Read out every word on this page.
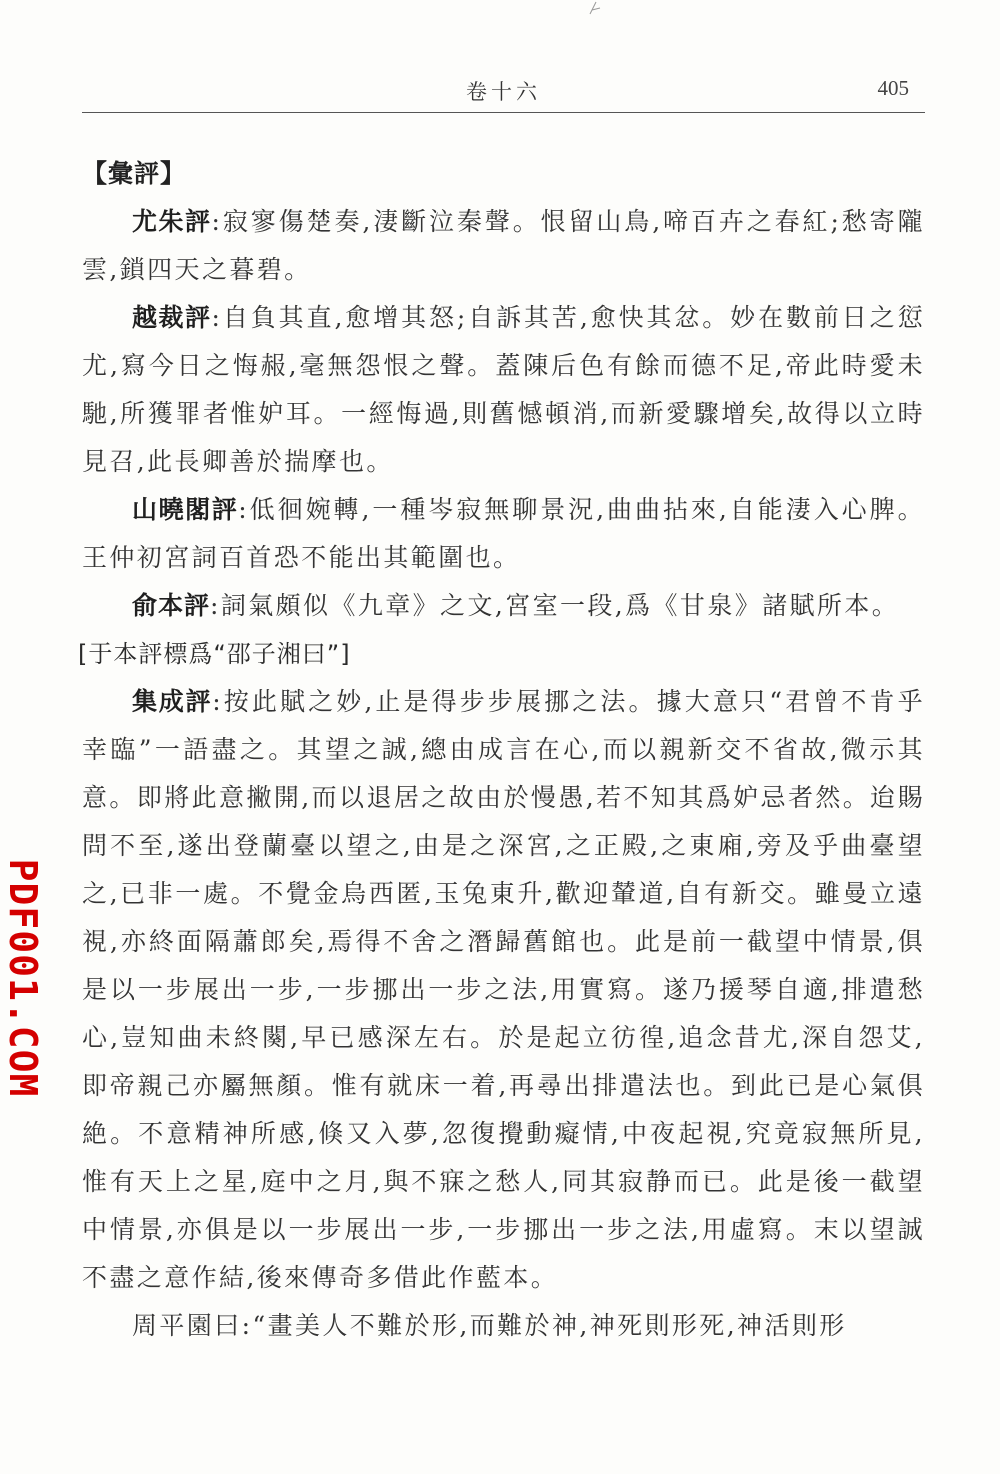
卷十六	405
【彙評】

尤朱評:寂寥傷楚奏,淒斷泣秦聲。恨留山鳥,啼百卉之春紅;愁寄隴雲,鎖四天之暮碧。

越裁評:自負其直,愈增其怒;自訴其苦,愈快其忿。妙在數前日之愆尤,寫今日之悔赧,毫無怨恨之聲。蓋陳后色有餘而德不足,帝此時愛未馳,所獲罪者惟妒耳。一經悔過,則舊憾頓消,而新愛驟增矣,故得以立時見召,此長卿善於揣摩也。

山曉閣評:低徊婉轉,一種岑寂無聊景況,曲曲拈來,自能淒入心脾。王仲初宮詞百首恐不能出其範圍也。

俞本評:詞氣頗似《九章》之文,宮室一段,爲《甘泉》諸賦所本。

[于本評標爲“邵子湘曰”]

集成評:按此賦之妙,止是得步步展挪之法。據大意只“君曾不肯乎幸臨”一語盡之。其望之誠,總由成言在心,而以親新交不省故,微示其意。即將此意撇開,而以退居之故由於慢愚,若不知其爲妒忌者然。迨賜問不至,遂出登蘭臺以望之,由是之深宮,之正殿,之東廂,旁及乎曲臺望之,已非一處。不覺金烏西匿,玉兔東升,歡迎輦道,自有新交。雖曼立遠視,亦終面隔蕭郎矣,焉得不舍之潛歸舊館也。此是前一截望中情景,俱是以一步展出一步,一步挪出一步之法,用實寫。遂乃援琴自適,排遣愁心,豈知曲未終闋,早已感深左右。於是起立彷徨,追念昔尤,深自怨艾,即帝親己亦屬無顏。惟有就床一着,再尋出排遣法也。到此已是心氣俱絶。不意精神所感,倏又入夢,忽復攪動癡情,中夜起視,究竟寂無所見,惟有天上之星,庭中之月,與不寐之愁人,同其寂静而已。此是後一截望中情景,亦俱是以一步展出一步,一步挪出一步之法,用虛寫。末以望誠不盡之意作結,後來傳奇多借此作藍本。

周平園曰:“畫美人不難於形,而難於神,神死則形死,神活則形

PDF001.COM
